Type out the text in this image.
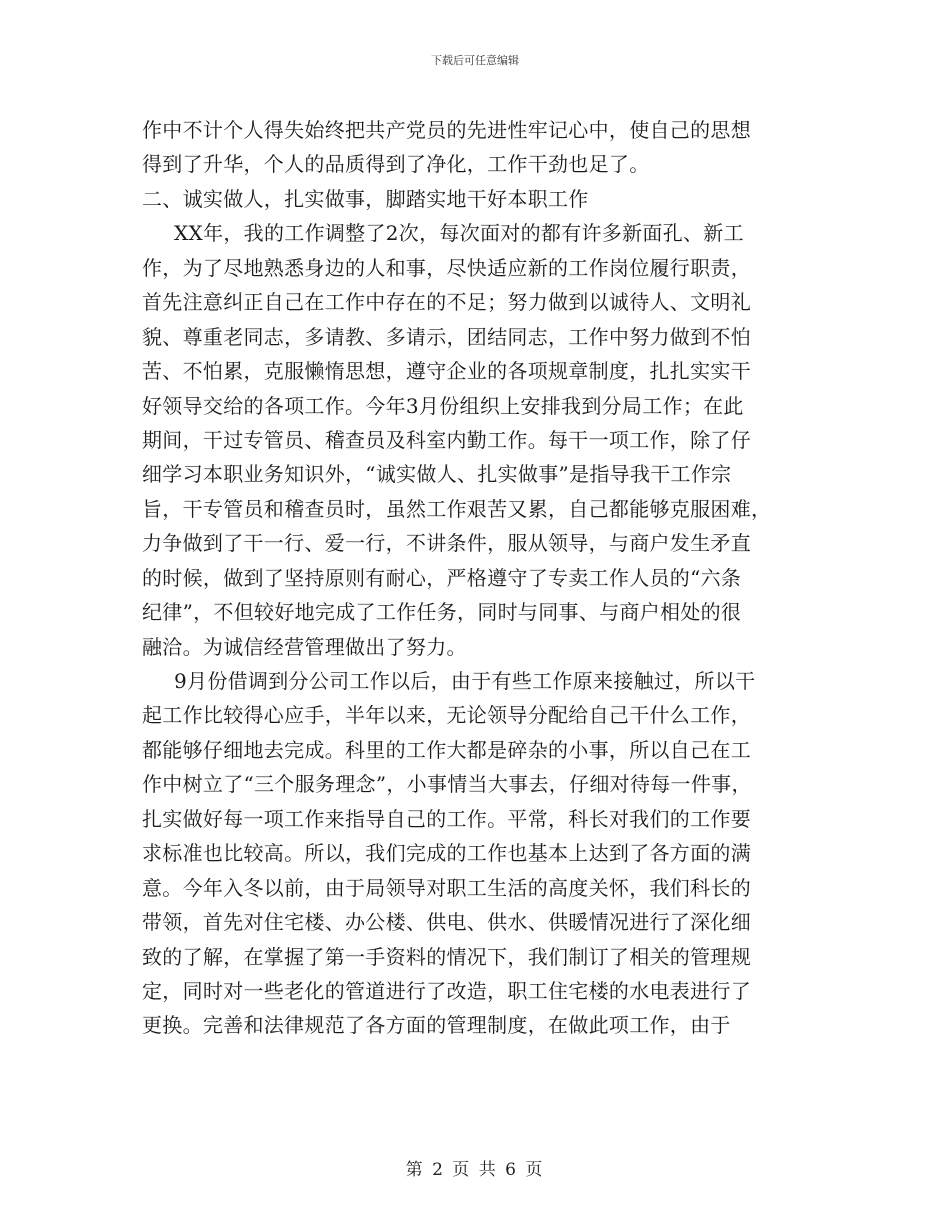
下载后可任意编辑
作中不计个人得失始终把共产党员的先进性牢记心中，使自己的思想
得到了升华，个人的品质得到了净化，工作干劲也足了。
二、诚实做人，扎实做事，脚踏实地干好本职工作
XX年，我的工作调整了2次，每次面对的都有许多新面孔、新工
作，为了尽地熟悉身边的人和事，尽快适应新的工作岗位履行职责，
首先注意纠正自己在工作中存在的不足；努力做到以诚待人、文明礼
貌、尊重老同志，多请教、多请示，团结同志，工作中努力做到不怕
苦、不怕累，克服懒惰思想，遵守企业的各项规章制度，扎扎实实干
好领导交给的各项工作。今年3月份组织上安排我到分局工作；在此
期间，干过专管员、稽查员及科室内勤工作。每干一项工作，除了仔
细学习本职业务知识外，“诚实做人、扎实做事”是指导我干工作宗
旨，干专管员和稽查员时，虽然工作艰苦又累，自己都能够克服困难，
力争做到了干一行、爱一行，不讲条件，服从领导，与商户发生矛直
的时候，做到了坚持原则有耐心，严格遵守了专卖工作人员的“六条
纪律”，不但较好地完成了工作任务，同时与同事、与商户相处的很
融洽。为诚信经营管理做出了努力。
9月份借调到分公司工作以后，由于有些工作原来接触过，所以干
起工作比较得心应手，半年以来，无论领导分配给自己干什么工作，
都能够仔细地去完成。科里的工作大都是碎杂的小事，所以自己在工
作中树立了“三个服务理念”，小事情当大事去，仔细对待每一件事，
扎实做好每一项工作来指导自己的工作。平常，科长对我们的工作要
求标准也比较高。所以，我们完成的工作也基本上达到了各方面的满
意。今年入冬以前，由于局领导对职工生活的高度关怀，我们科长的
带领，首先对住宅楼、办公楼、供电、供水、供暖情况进行了深化细
致的了解，在掌握了第一手资料的情况下，我们制订了相关的管理规
定，同时对一些老化的管道进行了改造，职工住宅楼的水电表进行了
更换。完善和法律规范了各方面的管理制度，在做此项工作，由于
第 2 页 共 6 页
